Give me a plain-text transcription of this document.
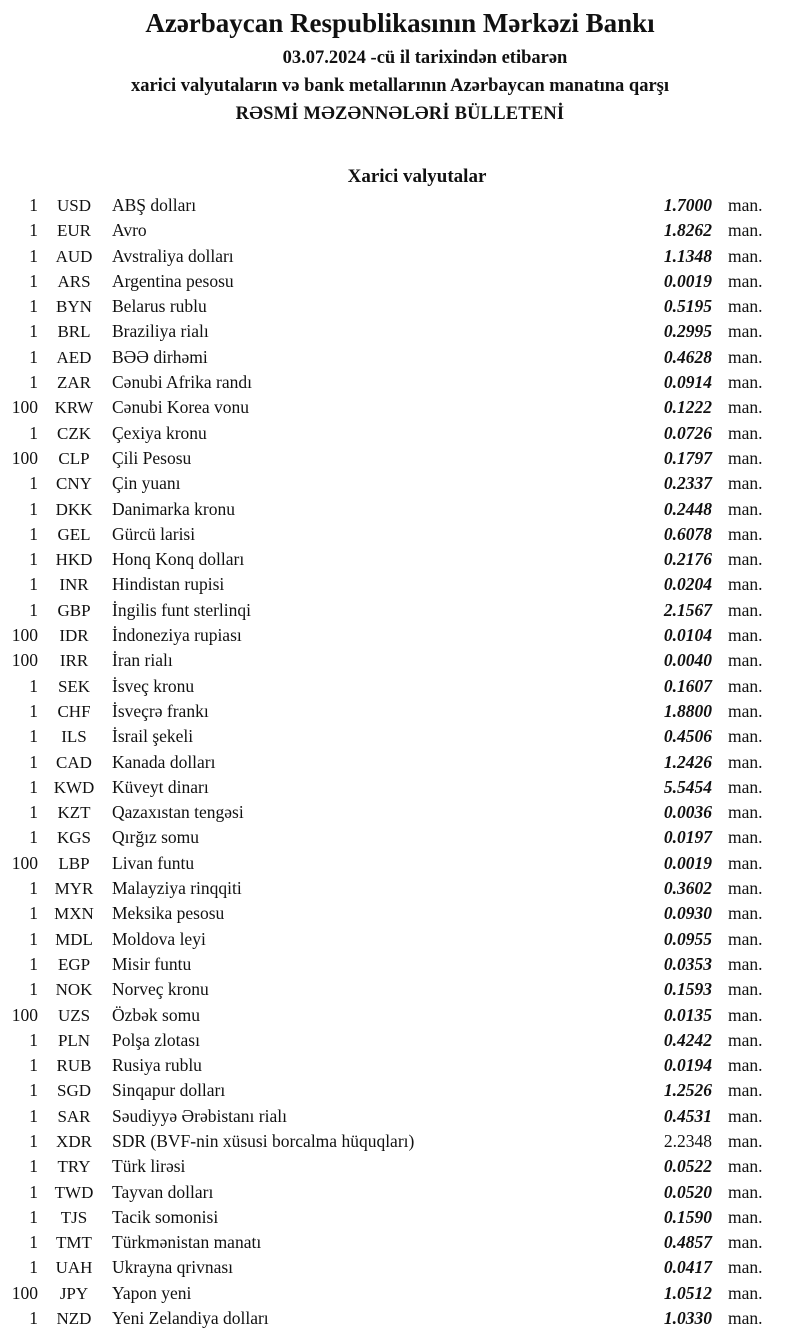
Azərbaycan Respublikasının Mərkəzi Bankı
03.07.2024 -cü il tarixindən etibarən
xarici valyutaların və bank metallarının Azərbaycan manatına qarşı
RƏSMİ MƏZƏNNƏLƏRİ BÜLLETENİ
Xarici valyutalar
1	USD	ABŞ dolları	1.7000 man.
1	EUR	Avro	1.8262 man.
1	AUD	Avstraliya dolları	1.1348 man.
1	ARS	Argentina pesosu	0.0019 man.
1	BYN	Belarus rublu	0.5195 man.
1	BRL	Braziliya rialı	0.2995 man.
1	AED	BƏƏ dirhəmi	0.4628 man.
1	ZAR	Cənubi Afrika randı	0.0914 man.
100 KRW	Cənubi Korea vonu	0.1222 man.
1	CZK	Çexiya kronu	0.0726 man.
100	CLP	Çili Pesosu	0.1797 man.
1	CNY	Çin yuanı	0.2337 man.
1	DKK	Danimarka kronu	0.2448 man.
1	GEL	Gürcü larisi	0.6078 man.
1	HKD	Honq Konq dolları	0.2176 man.
1	INR	Hindistan rupisi	0.0204 man.
1	GBP	İngilis funt sterlinqi	2.1567 man.
100	IDR	İndoneziya rupiası	0.0104 man.
100	IRR	İran rialı	0.0040 man.
1	SEK	İsveç kronu	0.1607 man.
1	CHF	İsveçrə frankı	1.8800 man.
1	ILS	İsrail şekeli	0.4506 man.
1	CAD	Kanada dolları	1.2426 man.
1 KWD	Küveyt dinarı	5.5454 man.
1	KZT	Qazaxıstan tengəsi	0.0036 man.
1	KGS	Qırğız somu	0.0197 man.
100	LBP	Livan funtu	0.0019 man.
1 MYR	Malayziya rinqqiti	0.3602 man.
1 MXN	Meksika pesosu	0.0930 man.
1	MDL	Moldova leyi	0.0955 man.
1	EGP	Misir funtu	0.0353 man.
1	NOK	Norveç kronu	0.1593 man.
100	UZS	Özbək somu	0.0135 man.
1	PLN	Polşa zlotası	0.4242 man.
1	RUB	Rusiya rublu	0.0194 man.
1	SGD	Sinqapur dolları	1.2526 man.
1	SAR	Səudiyyə Ərəbistanı rialı	0.4531 man.
1	XDR	SDR (BVF-nin xüsusi borcalma hüquqları)	2.2348 man.
1	TRY	Türk lirəsi	0.0522 man.
1 TWD	Tayvan dolları	0.0520 man.
1	TJS	Tacik somonisi	0.1590 man.
1	TMT	Türkmənistan manatı	0.4857 man.
1	UAH	Ukrayna qrivnası	0.0417 man.
100	JPY	Yapon yeni	1.0512 man.
1	NZD	Yeni Zelandiya dolları	1.0330 man.
